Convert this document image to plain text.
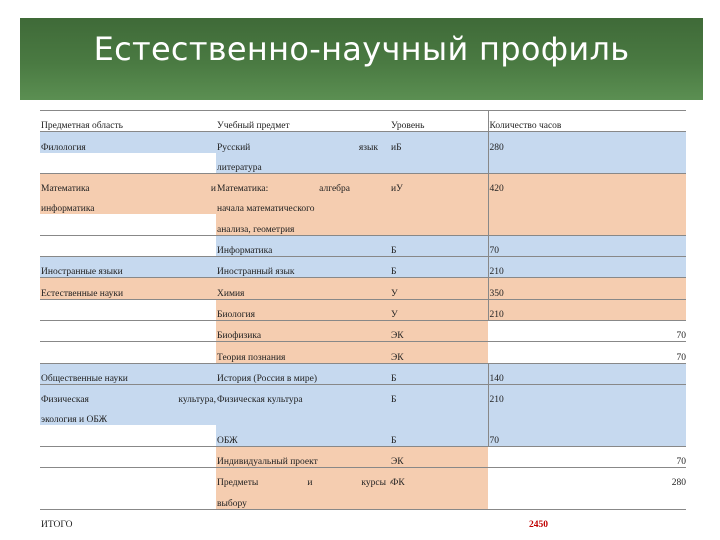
Естественно-научный профиль
Предметная область	Учебный предмет	Уровень	Количество часов
Филология	Русский язык	иБ	280
	литература		

Математика и	Математика: алгебра	иУ	420
информатика	начала математического		
	анализа, геометрия		
	Информатика	Б	70
Иностранные языки	Иностранный язык	Б	210
Естественные науки	Химия	У	350
	Биология	У	210
	Биофизика	ЭК	70
	Теория познания	ЭК	70
Общественные науки	История (Россия в мире)	Б	140

Физическая культура,	Физическая культура	Б	210
экология и ОБЖ			
	ОБЖ	Б	70
	Индивидуальный проект	ЭК	70

	Предметы и курсы	ФК	280
	выбору		
ИТОГО		2450	
